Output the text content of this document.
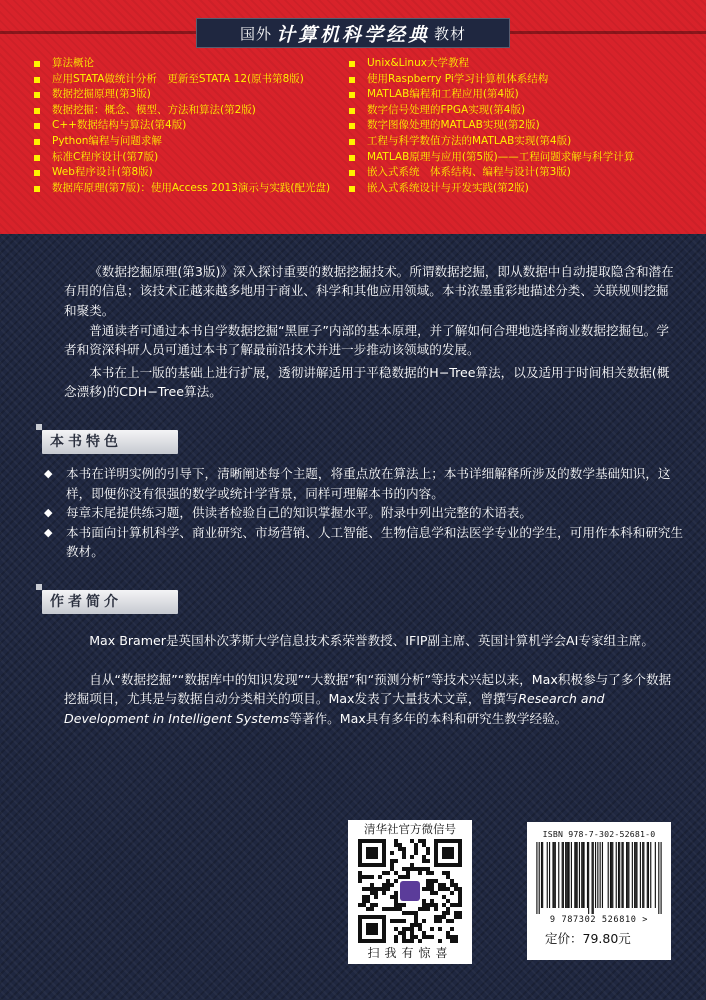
国外 计算机科学经典 教材
算法概论
应用STATA做统计分析　更新至STATA 12(原书第8版)
数据挖掘原理(第3版)
数据挖掘：概念、模型、方法和算法(第2版)
C++数据结构与算法(第4版)
Python编程与问题求解
标准C程序设计(第7版)
Web程序设计(第8版)
数据库原理(第7版)：使用Access 2013演示与实践(配光盘)
Unix&Linux大学教程
使用Raspberry Pi学习计算机体系结构
MATLAB编程和工程应用(第4版)
数字信号处理的FPGA实现(第4版)
数字图像处理的MATLAB实现(第2版)
工程与科学数值方法的MATLAB实现(第4版)
MATLAB原理与应用(第5版)——工程问题求解与科学计算
嵌入式系统　体系结构、编程与设计(第3版)
嵌入式系统设计与开发实践(第2版)
《数据挖掘原理(第3版)》深入探讨重要的数据挖掘技术。所谓数据挖掘，即从数据中自动提取隐含和潜在有用的信息；该技术正越来越多地用于商业、科学和其他应用领域。本书浓墨重彩地描述分类、关联规则挖掘和聚类。
普通读者可通过本书自学数据挖掘“黑匣子”内部的基本原理，并了解如何合理地选择商业数据挖掘包。学者和资深科研人员可通过本书了解最前沿技术并进一步推动该领域的发展。
本书在上一版的基础上进行扩展，透彻讲解适用于平稳数据的H−Tree算法，以及适用于时间相关数据(概念漂移)的CDH−Tree算法。
本书特色
◆	本书在详明实例的引导下，清晰阐述每个主题，将重点放在算法上；本书详细解释所涉及的数学基础知识，这样，即便你没有很强的数学或统计学背景，同样可理解本书的内容。
◆	每章末尾提供练习题，供读者检验自己的知识掌握水平。附录中列出完整的术语表。
◆	本书面向计算机科学、商业研究、市场营销、人工智能、生物信息学和法医学专业的学生，可用作本科和研究生教材。
作者简介
Max Bramer是英国朴次茅斯大学信息技术系荣誉教授、IFIP副主席、英国计算机学会AI专家组主席。
自从“数据挖掘”“数据库中的知识发现”“大数据”和“预测分析”等技术兴起以来，Max积极参与了多个数据挖掘项目，尤其是与数据自动分类相关的项目。Max发表了大量技术文章，曾撰写Research and Development in Intelligent Systems等著作。Max具有多年的本科和研究生教学经验。
清华社官方微信号
扫我有惊喜
ISBN 978-7-302-52681-0
9 787302 526810 >
定价：79.80元
